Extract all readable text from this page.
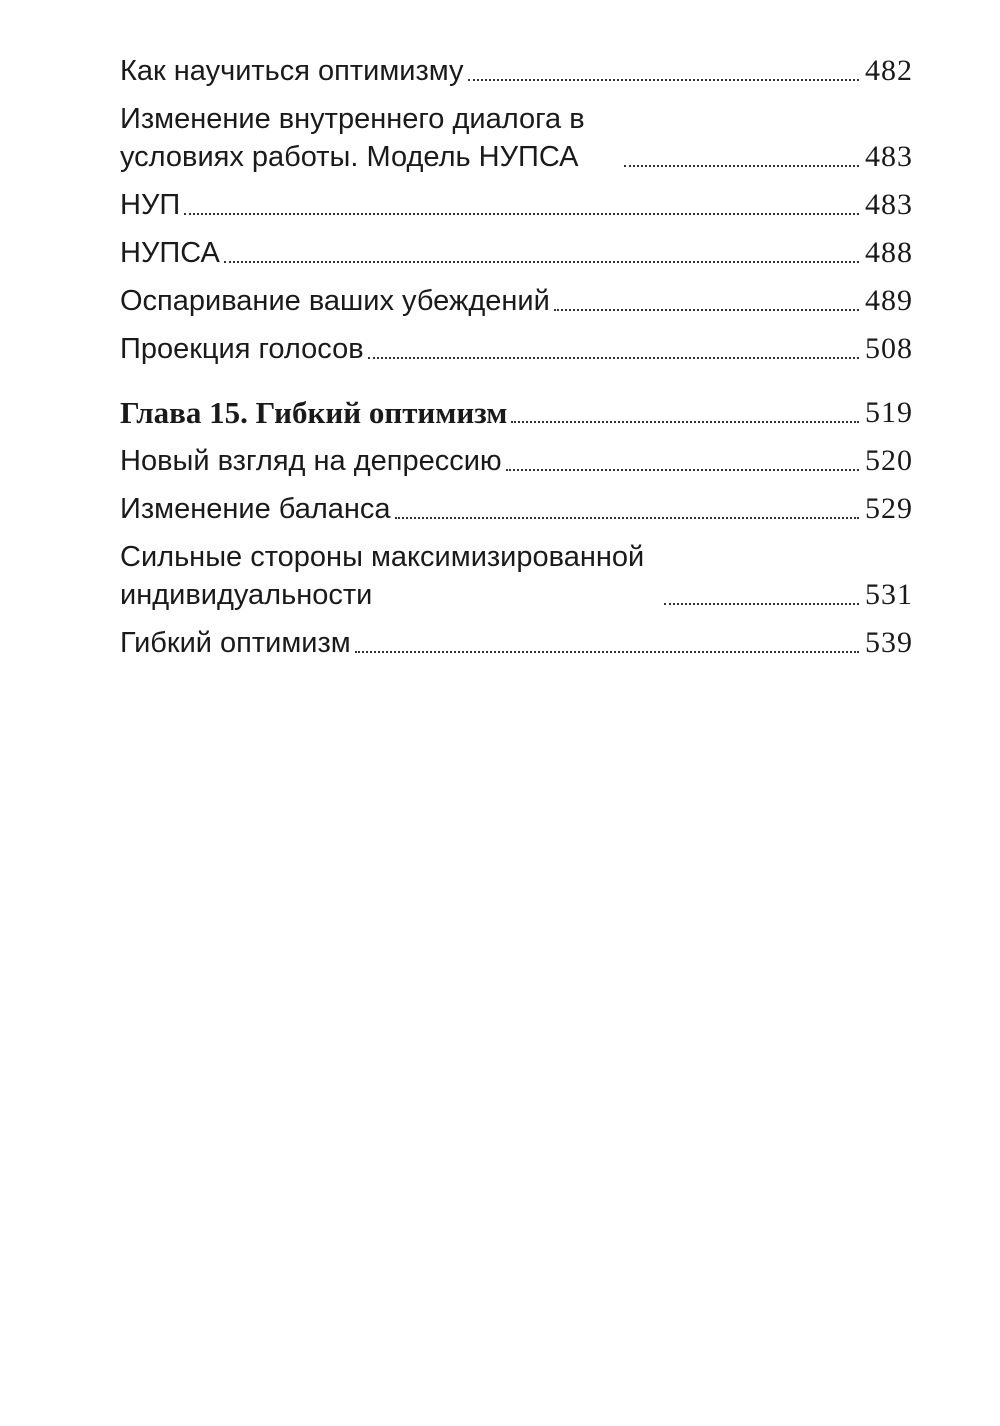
Как научиться оптимизму	482
Изменение внутреннего диалога в условиях работы. Модель НУПСА	483
НУП	483
НУПСА	488
Оспаривание ваших убеждений	489
Проекция голосов	508
Глава 15. Гибкий оптимизм	519
Новый взгляд на депрессию	520
Изменение баланса	529
Сильные стороны максимизированной индивидуальности	531
Гибкий оптимизм	539
